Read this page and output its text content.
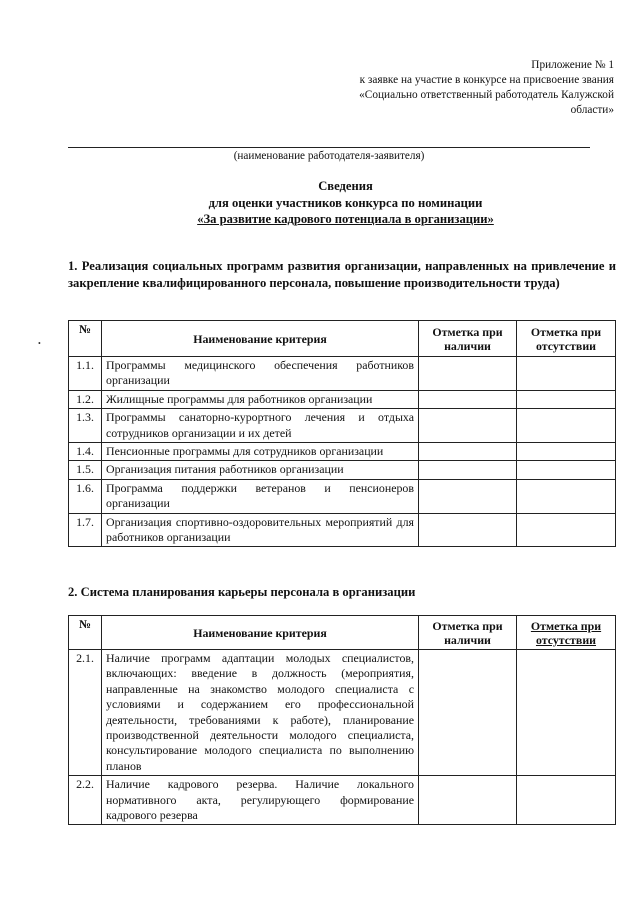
Приложение № 1
к заявке на участие в конкурсе на присвоение звания
«Социально ответственный работодатель Калужской
области»
(наименование работодателя-заявителя)
Сведения
для оценки участников конкурса по номинации
«За развитие кадрового потенциала в организации»
1. Реализация социальных программ развития организации, направленных на привлечение и закрепление квалифицированного персонала, повышение производительности труда)
•
№	Наименование критерия	Отметка при наличии	Отметка при отсутствии
1.1.	Программы медицинского обеспечения работников организации		
1.2.	Жилищные программы для работников организации		
1.3.	Программы санаторно-курортного лечения и отдыха сотрудников организации и их детей		
1.4.	Пенсионные программы для сотрудников организации		
1.5.	Организация питания работников организации		
1.6.	Программа поддержки ветеранов и пенсионеров организации		
1.7.	Организация спортивно-оздоровительных мероприятий для работников организации		
2. Система планирования карьеры персонала в организации
№	Наименование критерия	Отметка при наличии	Отметка при отсутствии
2.1.	Наличие программ адаптации молодых специалистов, включающих: введение в должность (мероприятия, направленные на знакомство молодого специалиста с условиями и содержанием его профессиональной деятельности, требованиями к работе), планирование производственной деятельности молодого специалиста, консультирование молодого специалиста по выполнению планов		
2.2.	Наличие кадрового резерва. Наличие локального нормативного акта, регулирующего формирование кадрового резерва		
